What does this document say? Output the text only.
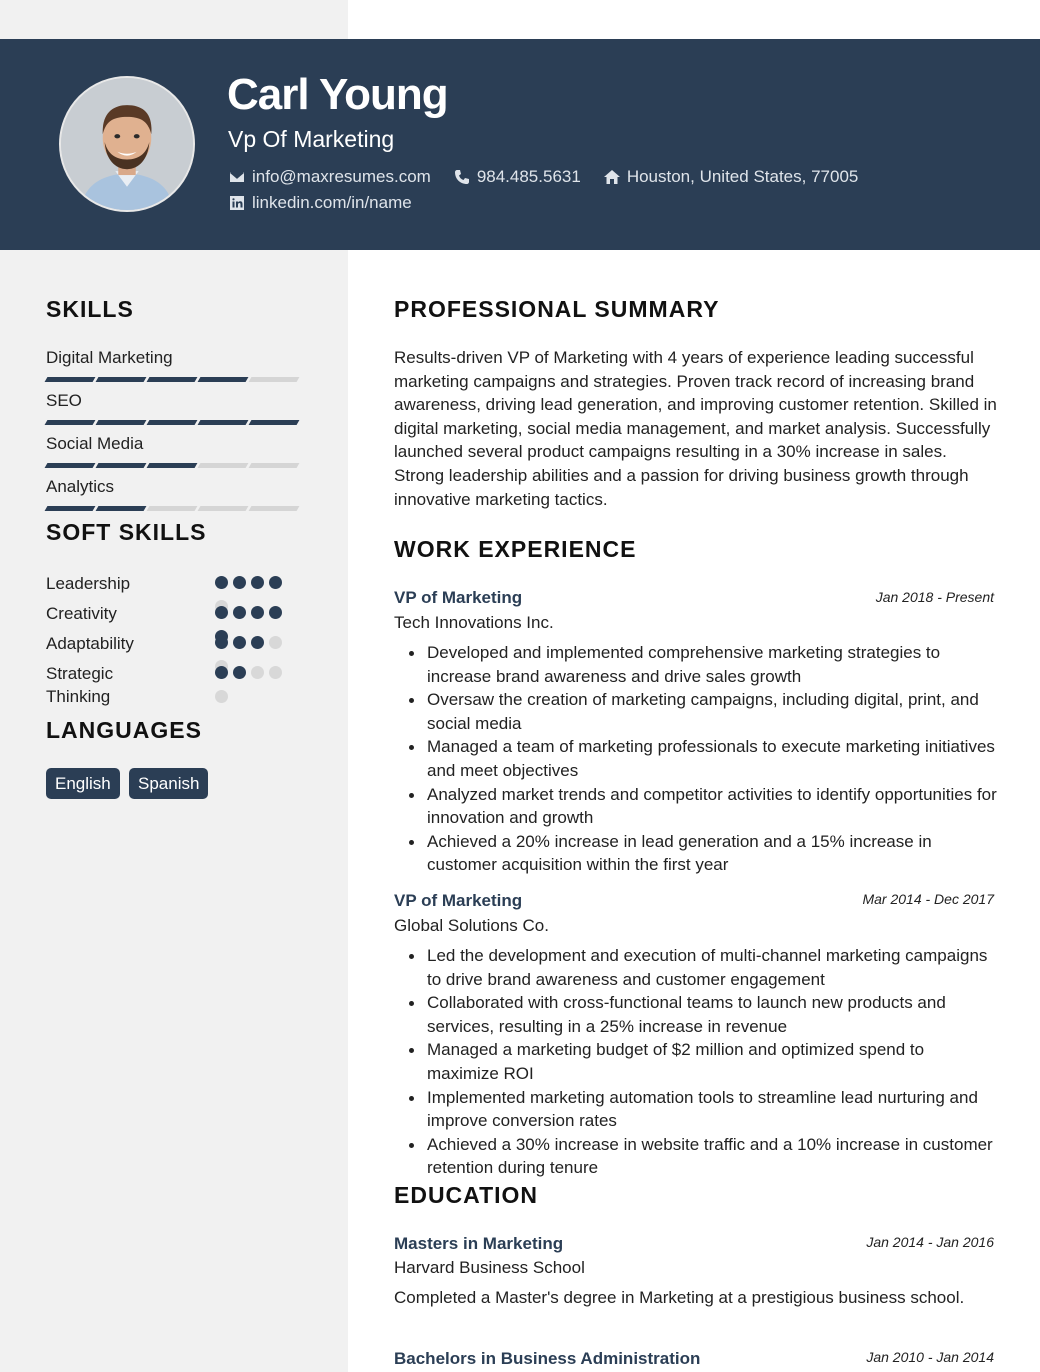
Carl Young
Vp Of Marketing
info@maxresumes.com	984.485.5631	Houston, United States, 77005
linkedin.com/in/name
SKILLS
Digital Marketing
SEO
Social Media
Analytics
SOFT SKILLS
Leadership
Creativity
Adaptability
Strategic Thinking
LANGUAGES
English	Spanish
PROFESSIONAL SUMMARY
Results-driven VP of Marketing with 4 years of experience leading successful marketing campaigns and strategies. Proven track record of increasing brand awareness, driving lead generation, and improving customer retention. Skilled in digital marketing, social media management, and market analysis. Successfully launched several product campaigns resulting in a 30% increase in sales. Strong leadership abilities and a passion for driving business growth through innovative marketing tactics.
WORK EXPERIENCE
VP of Marketing	Jan 2018 - Present
Tech Innovations Inc.
Developed and implemented comprehensive marketing strategies to increase brand awareness and drive sales growth
Oversaw the creation of marketing campaigns, including digital, print, and social media
Managed a team of marketing professionals to execute marketing initiatives and meet objectives
Analyzed market trends and competitor activities to identify opportunities for innovation and growth
Achieved a 20% increase in lead generation and a 15% increase in customer acquisition within the first year
VP of Marketing	Mar 2014 - Dec 2017
Global Solutions Co.
Led the development and execution of multi-channel marketing campaigns to drive brand awareness and customer engagement
Collaborated with cross-functional teams to launch new products and services, resulting in a 25% increase in revenue
Managed a marketing budget of $2 million and optimized spend to maximize ROI
Implemented marketing automation tools to streamline lead nurturing and improve conversion rates
Achieved a 30% increase in website traffic and a 10% increase in customer retention during tenure
EDUCATION
Masters in Marketing	Jan 2014 - Jan 2016
Harvard Business School
Completed a Master's degree in Marketing at a prestigious business school.
Bachelors in Business Administration	Jan 2010 - Jan 2014
